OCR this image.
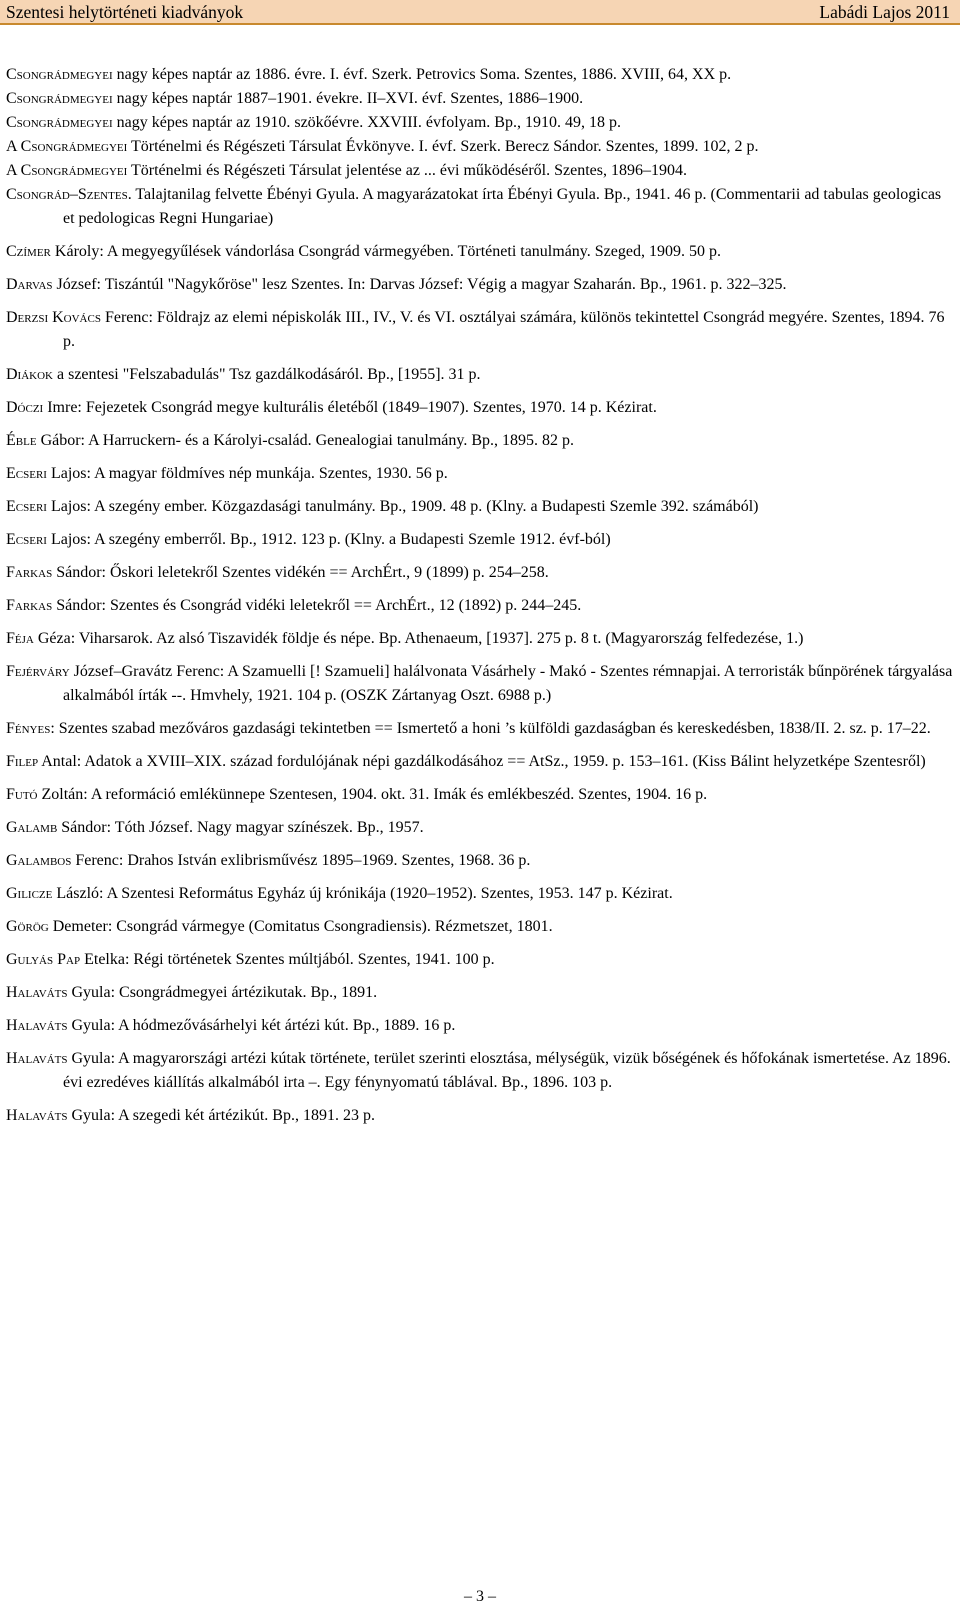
Szentesi helytörténeti kiadványok	Labádi Lajos 2011

Csongrádmegyei nagy képes naptár az 1886. évre. I. évf. Szerk. Petrovics Soma. Szentes, 1886. XVIII, 64, XX p.

Csongrádmegyei nagy képes naptár 1887–1901. évekre. II–XVI. évf. Szentes, 1886–1900.

Csongrádmegyei nagy képes naptár az 1910. szökőévre. XXVIII. évfolyam. Bp., 1910. 49, 18 p.

A Csongrádmegyei Történelmi és Régészeti Társulat Évkönyve. I. évf. Szerk. Berecz Sándor. Szentes, 1899. 102, 2 p.

A Csongrádmegyei Történelmi és Régészeti Társulat jelentése az ... évi működéséről. Szentes, 1896–1904.

Csongrád–Szentes. Talajtanilag felvette Ébényi Gyula. A magyarázatokat írta Ébényi Gyula. Bp., 1941. 46 p. (Commentarii ad tabulas geologicas et pedologicas Regni Hungariae)

Czímer Károly: A megyegyűlések vándorlása Csongrád vármegyében. Történeti tanulmány. Szeged, 1909. 50 p.

Darvas József: Tiszántúl "Nagykőröse" lesz Szentes. In: Darvas József: Végig a magyar Szaharán. Bp., 1961. p. 322–325.

Derzsi Kovács Ferenc: Földrajz az elemi népiskolák III., IV., V. és VI. osztályai számára, különös tekintettel Csongrád megyére. Szentes, 1894. 76 p.

Diákok a szentesi "Felszabadulás" Tsz gazdálkodásáról. Bp., [1955]. 31 p.

Dóczi Imre: Fejezetek Csongrád megye kulturális életéből (1849–1907). Szentes, 1970. 14 p. Kézirat.

Éble Gábor: A Harruckern- és a Károlyi-család. Genealogiai tanulmány. Bp., 1895. 82 p.

Ecseri Lajos: A magyar földmíves nép munkája. Szentes, 1930. 56 p.

Ecseri Lajos: A szegény ember. Közgazdasági tanulmány. Bp., 1909. 48 p. (Klny. a Budapesti Szemle 392. számából)

Ecseri Lajos: A szegény emberről. Bp., 1912. 123 p. (Klny. a Budapesti Szemle 1912. évf-ból)

Farkas Sándor: Őskori leletekről Szentes vidékén == ArchÉrt., 9 (1899) p. 254–258.

Farkas Sándor: Szentes és Csongrád vidéki leletekről == ArchÉrt., 12 (1892) p. 244–245.

Féja Géza: Viharsarok. Az alsó Tiszavidék földje és népe. Bp. Athenaeum, [1937]. 275 p. 8 t. (Magyarország felfedezése, 1.)

Fejérváry József–Gravátz Ferenc: A Szamuelli [! Szamueli] halálvonata Vásárhely - Makó - Szentes rémnapjai. A terroristák bűnpörének tárgyalása alkalmából írták --. Hmvhely, 1921. 104 p. (OSZK Zártanyag Oszt. 6988 p.)

Fényes: Szentes szabad mezőváros gazdasági tekintetben == Ismertető a honi ’s külföldi gazdaságban és kereskedésben, 1838/II. 2. sz. p. 17–22.

Filep Antal: Adatok a XVIII–XIX. század fordulójának népi gazdálkodásához == AtSz., 1959. p. 153–161. (Kiss Bálint helyzetképe Szentesről)

Futó Zoltán: A reformáció emlékünnepe Szentesen, 1904. okt. 31. Imák és emlékbeszéd. Szentes, 1904. 16 p.

Galamb Sándor: Tóth József. Nagy magyar színészek. Bp., 1957.

Galambos Ferenc: Drahos István exlibrisművész 1895–1969. Szentes, 1968. 36 p.

Gilicze László: A Szentesi Református Egyház új krónikája (1920–1952). Szentes, 1953. 147 p. Kézirat.

Görög Demeter: Csongrád vármegye (Comitatus Csongradiensis). Rézmetszet, 1801.

Gulyás Pap Etelka: Régi történetek Szentes múltjából. Szentes, 1941. 100 p.

Halaváts Gyula: Csongrádmegyei ártézikutak. Bp., 1891.

Halaváts Gyula: A hódmezővásárhelyi két ártézi kút. Bp., 1889. 16 p.

Halaváts Gyula: A magyarországi artézi kútak története, terület szerinti elosztása, mélységük, vizük bőségének és hőfokának ismertetése. Az 1896. évi ezredéves kiállítás alkalmából irta –. Egy fénynyomatú táblával. Bp., 1896. 103 p.

Halaváts Gyula: A szegedi két ártézikút. Bp., 1891. 23 p.

– 3 –
